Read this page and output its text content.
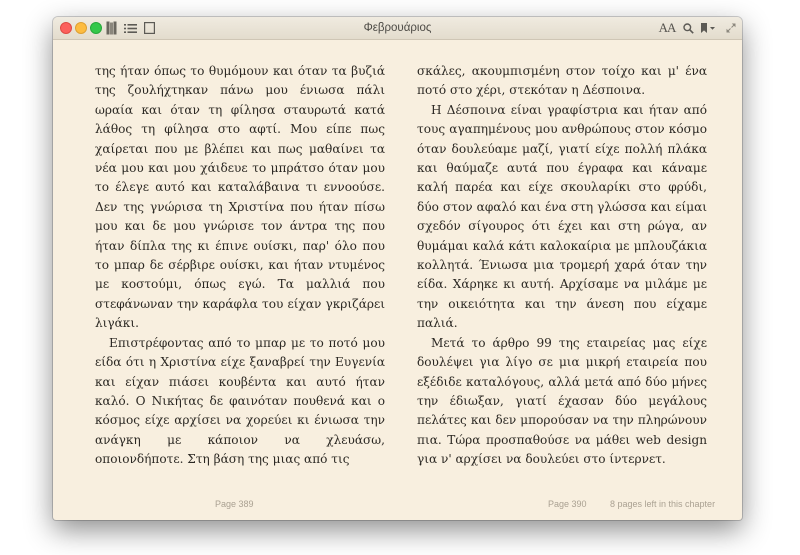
Φεβρουάριος	AA

της ήταν όπως το θυμόμουν και όταν τα βυζιά της ζουλήχτηκαν πάνω μου ένιωσα πάλι ωραία και όταν τη φίλησα σταυρωτά κατά λάθος τη φίλησα στο αφτί. Μου είπε πως χαίρεται που με βλέπει και πως μαθαίνει τα νέα μου και μου χάιδευε το μπράτσο όταν μου το έλεγε αυτό και καταλάβαινα τι εννοούσε. Δεν της γνώρισα τη Χριστίνα που ήταν πίσω μου και δε μου γνώρισε τον άντρα της που ήταν δίπλα της κι έπινε ουίσκι, παρ' όλο που το μπαρ δε σέρβιρε ουίσκι, και ήταν ντυμένος με κοστούμι, όπως εγώ. Τα μαλλιά που στεφάνωναν την καράφλα του είχαν γκριζάρει λιγάκι.

Επιστρέφοντας από το μπαρ με το ποτό μου είδα ότι η Χριστίνα είχε ξαναβρεί την Ευγενία και είχαν πιάσει κουβέντα και αυτό ήταν καλό. Ο Νικήτας δε φαινόταν πουθενά και ο κόσμος είχε αρχίσει να χορεύει κι ένιωσα την ανάγκη με κάποιον να χλευάσω, οποιονδήποτε. Στη βάση της μιας από τις

σκάλες, ακουμπισμένη στον τοίχο και μ' ένα ποτό στο χέρι, στεκόταν η Δέσποινα.

Η Δέσποινα είναι γραφίστρια και ήταν από τους αγαπημένους μου ανθρώπους στον κόσμο όταν δουλεύαμε μαζί, γιατί είχε πολλή πλάκα και θαύμαζε αυτά που έγραφα και κάναμε καλή παρέα και είχε σκουλαρίκι στο φρύδι, δύο στον αφαλό και ένα στη γλώσσα και είμαι σχεδόν σίγουρος ότι έχει και στη ρώγα, αν θυμάμαι καλά κάτι καλοκαίρια με μπλουζάκια κολλητά. Ένιωσα μια τρομερή χαρά όταν την είδα. Χάρηκε κι αυτή. Αρχίσαμε να μιλάμε με την οικειότητα και την άνεση που είχαμε παλιά.

Μετά το άρθρο 99 της εταιρείας μας είχε δουλέψει για λίγο σε μια μικρή εταιρεία που εξέδιδε καταλόγους, αλλά μετά από δύο μήνες την έδιωξαν, γιατί έχασαν δύο μεγάλους πελάτες και δεν μπορούσαν να την πληρώνουν πια. Τώρα προσπαθούσε να μάθει web design για ν' αρχίσει να δουλεύει στο ίντερνετ.

Page 389	Page 390	8 pages left in this chapter
